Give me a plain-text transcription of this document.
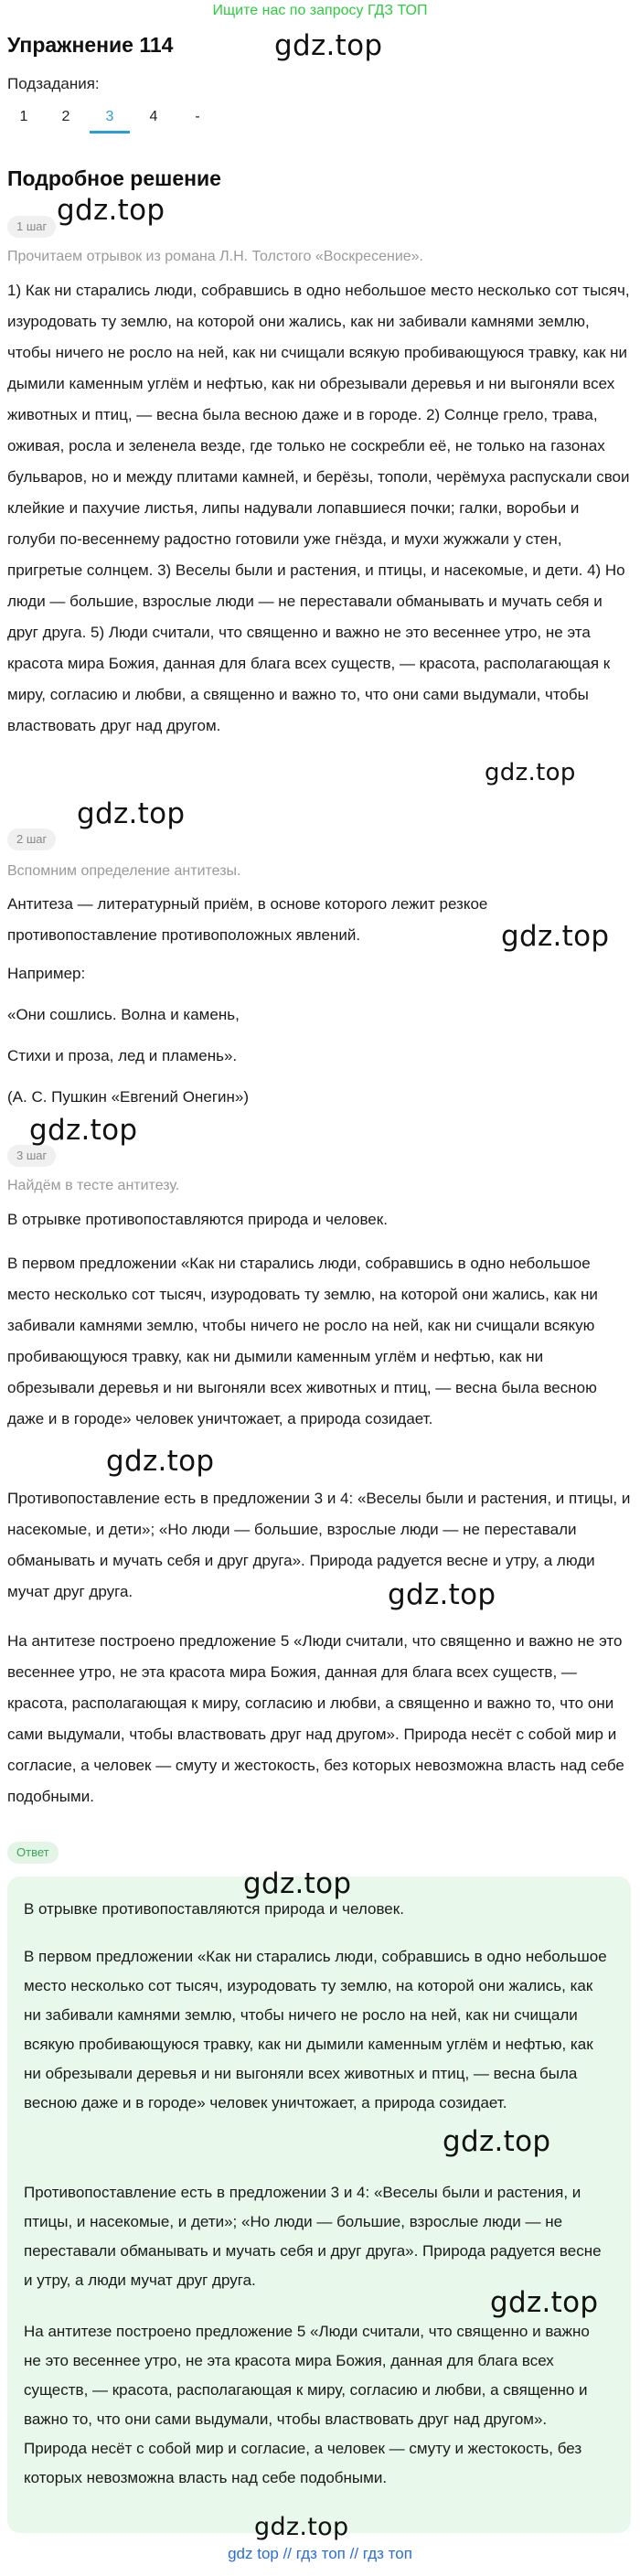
Ищите нас по запросу ГДЗ ТОП
Упражнение 114
Подзадания:
1	2	3	4	-
Подробное решение
1 шаг
Прочитаем отрывок из романа Л.Н. Толстого «Воскресение».
1) Как ни старались люди, собравшись в одно небольшое место несколько сот тысяч, изуродовать ту землю, на которой они жались, как ни забивали камнями землю, чтобы ничего не росло на ней, как ни счищали всякую пробивающуюся травку, как ни дымили каменным углём и нефтью, как ни обрезывали деревья и ни выгоняли всех животных и птиц, — весна была весною даже и в городе. 2) Солнце грело, трава, оживая, росла и зеленела везде, где только не соскребли её, не только на газонах бульваров, но и между плитами камней, и берёзы, тополи, черёмуха распускали свои клейкие и пахучие листья, липы надували лопавшиеся почки; галки, воробьи и голуби по-весеннему радостно готовили уже гнёзда, и мухи жужжали у стен, пригретые солнцем. 3) Веселы были и растения, и птицы, и насекомые, и дети. 4) Но люди — большие, взрослые люди — не переставали обманывать и мучать себя и друг друга. 5) Люди считали, что священно и важно не это весеннее утро, не эта красота мира Божия, данная для блага всех существ, — красота, располагающая к миру, согласию и любви, а священно и важно то, что они сами выдумали, чтобы властвовать друг над другом.
2 шаг
Вспомним определение антитезы.
Антитеза — литературный приём, в основе которого лежит резкое противопоставление противоположных явлений.
Например:
«Они сошлись. Волна и камень,
Стихи и проза, лед и пламень».
(А. С. Пушкин «Евгений Онегин»)
3 шаг
Найдём в тесте антитезу.
В отрывке противопоставляются природа и человек.
В первом предложении «Как ни старались люди, собравшись в одно небольшое место несколько сот тысяч, изуродовать ту землю, на которой они жались, как ни забивали камнями землю, чтобы ничего не росло на ней, как ни счищали всякую пробивающуюся травку, как ни дымили каменным углём и нефтью, как ни обрезывали деревья и ни выгоняли всех животных и птиц, — весна была весною даже и в городе» человек уничтожает, а природа созидает.
Противопоставление есть в предложении 3 и 4: «Веселы были и растения, и птицы, и насекомые, и дети»; «Но люди — большие, взрослые люди — не переставали обманывать и мучать себя и друг друга». Природа радуется весне и утру, а люди мучат друг друга.
На антитезе построено предложение 5 «Люди считали, что священно и важно не это весеннее утро, не эта красота мира Божия, данная для блага всех существ, — красота, располагающая к миру, согласию и любви, а священно и важно то, что они сами выдумали, чтобы властвовать друг над другом». Природа несёт с собой мир и согласие, а человек — смуту и жестокость, без которых невозможна власть над себе подобными.
Ответ
В отрывке противопоставляются природа и человек.
В первом предложении «Как ни старались люди, собравшись в одно небольшое место несколько сот тысяч, изуродовать ту землю, на которой они жались, как ни забивали камнями землю, чтобы ничего не росло на ней, как ни счищали всякую пробивающуюся травку, как ни дымили каменным углём и нефтью, как ни обрезывали деревья и ни выгоняли всех животных и птиц, — весна была весною даже и в городе» человек уничтожает, а природа созидает.
Противопоставление есть в предложении 3 и 4: «Веселы были и растения, и птицы, и насекомые, и дети»; «Но люди — большие, взрослые люди — не переставали обманывать и мучать себя и друг друга». Природа радуется весне и утру, а люди мучат друг друга.
На антитезе построено предложение 5 «Люди считали, что священно и важно не это весеннее утро, не эта красота мира Божия, данная для блага всех существ, — красота, располагающая к миру, согласию и любви, а священно и важно то, что они сами выдумали, чтобы властвовать друг над другом». Природа несёт с собой мир и согласие, а человек — смуту и жестокость, без которых невозможна власть над себе подобными.
gdz.top
gdz.top
gdz.top
gdz.top
gdz.top
gdz.top
gdz.top
gdz.top
gdz.top
gdz.top
gdz.top
gdz.top
gdz top // гдз топ // гдз топ
